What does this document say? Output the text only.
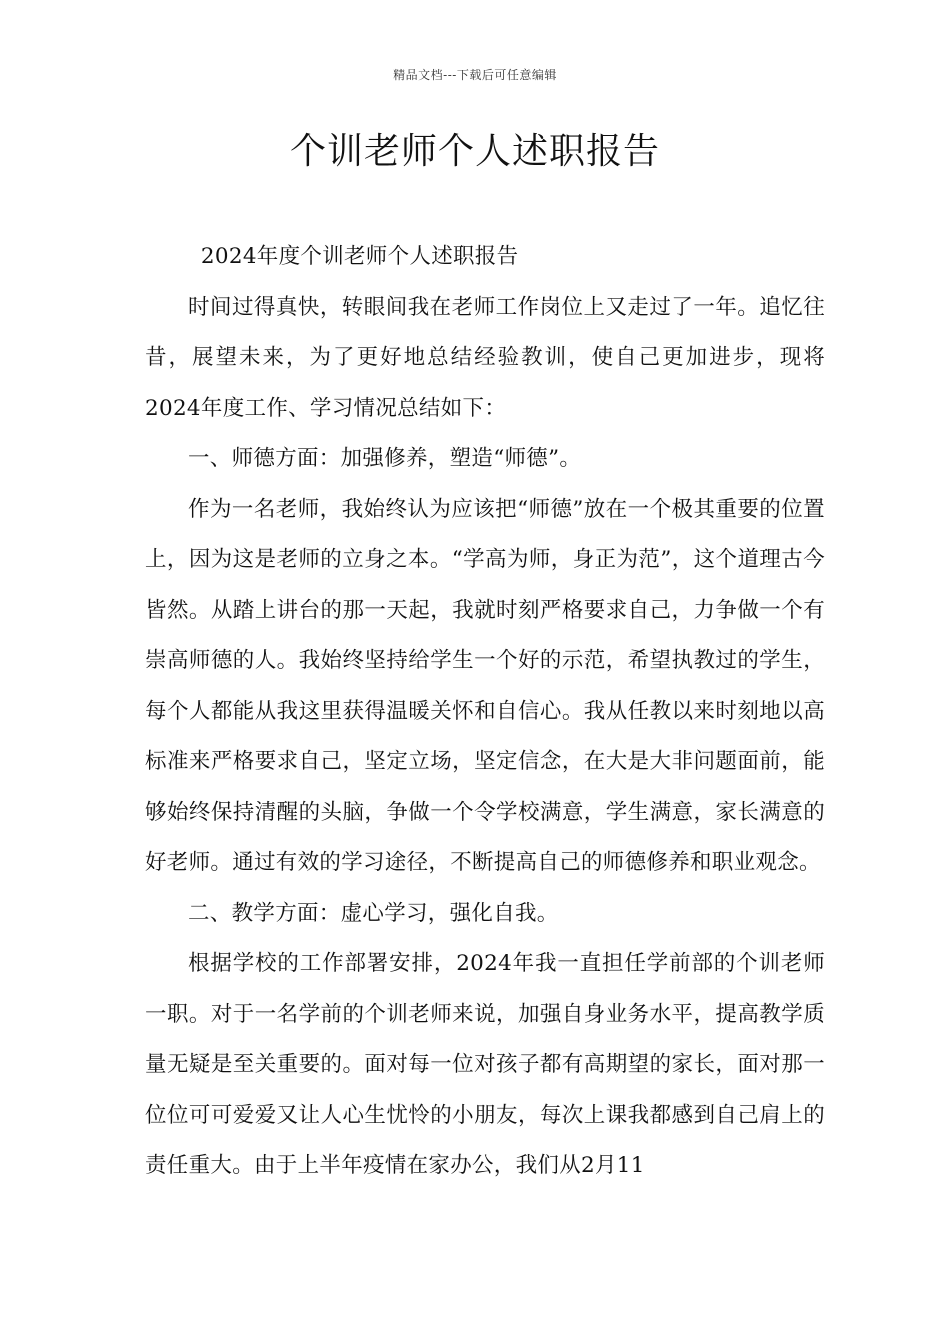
精品文档---下载后可任意编辑
个训老师个人述职报告

2024年度个训老师个人述职报告

时间过得真快，转眼间我在老师工作岗位上又走过了一年。追忆往昔，展望未来，为了更好地总结经验教训，使自己更加进步，现将2024年度工作、学习情况总结如下：

一、师德方面：加强修养，塑造“师德”。

作为一名老师，我始终认为应该把“师德”放在一个极其重要的位置上，因为这是老师的立身之本。“学高为师，身正为范”，这个道理古今皆然。从踏上讲台的那一天起，我就时刻严格要求自己，力争做一个有崇高师德的人。我始终坚持给学生一个好的示范，希望执教过的学生，每个人都能从我这里获得温暖关怀和自信心。我从任教以来时刻地以高标准来严格要求自己，坚定立场，坚定信念，在大是大非问题面前，能够始终保持清醒的头脑，争做一个令学校满意，学生满意，家长满意的好老师。通过有效的学习途径，不断提高自己的师德修养和职业观念。

二、教学方面：虚心学习，强化自我。

根据学校的工作部署安排，2024年我一直担任学前部的个训老师一职。对于一名学前的个训老师来说，加强自身业务水平，提高教学质量无疑是至关重要的。面对每一位对孩子都有高期望的家长，面对那一位位可可爱爱又让人心生忧怜的小朋友，每次上课我都感到自己肩上的责任重大。由于上半年疫情在家办公，我们从2月11
